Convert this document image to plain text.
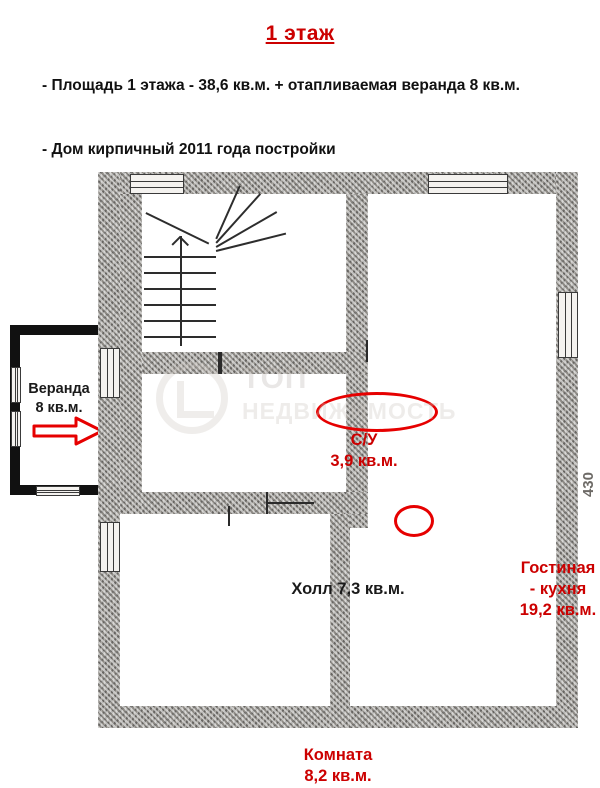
1 этаж
- Площадь 1 этажа - 38,6 кв.м. + отапливаемая веранда 8 кв.м.
- Дом кирпичный 2011 года постройки
Веранда
8 кв.м.
430
С/У
3,9 кв.м.
Холл 7,3 кв.м.
Гостиная
- кухня
19,2 кв.м.
Комната
8,2 кв.м.
ТОП
НЕДВИЖИМОСТЬ
